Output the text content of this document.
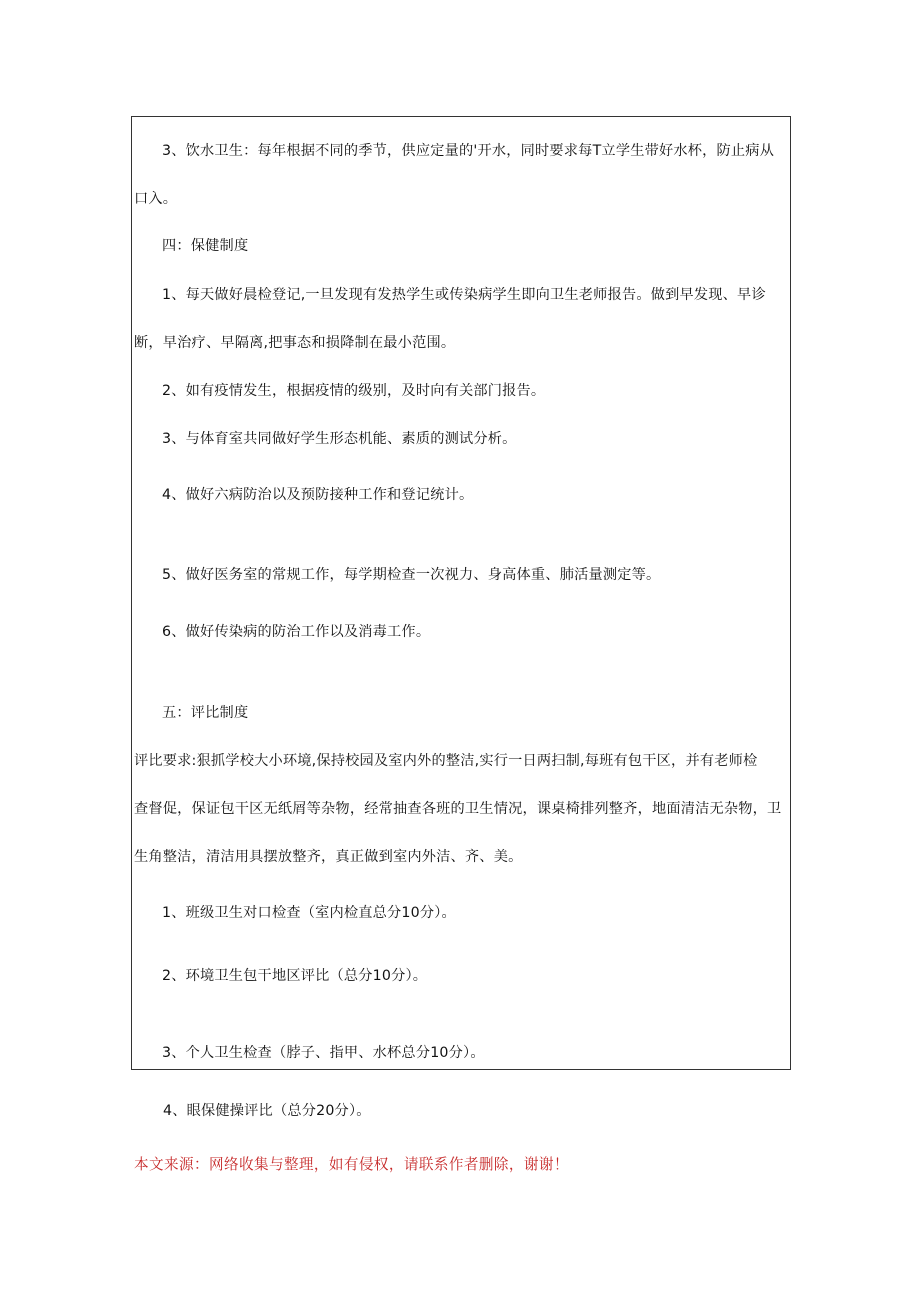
3、饮水卫生：每年根据不同的季节，供应定量的'开水，同时要求每T立学生带好水杯，防止病从
口入。
四：保健制度
1、每天做好晨检登记,一旦发现有发热学生或传染病学生即向卫生老师报告。做到早发现、早诊
断，早治疗、早隔离,把事态和损降制在最小范围。
2、如有疫情发生，根据疫情的级别，及时向有关部门报告。
3、与体育室共同做好学生形态机能、素质的测试分析。
4、做好六病防治以及预防接种工作和登记统计。
5、做好医务室的常规工作，每学期检查一次视力、身高体重、肺活量测定等。
6、做好传染病的防治工作以及消毒工作。
五：评比制度
评比要求:狠抓学校大小环境,保持校园及室内外的整洁,实行一日两扫制,每班有包干区，并有老师检
查督促，保证包干区无纸屑等杂物，经常抽查各班的卫生情况，课桌椅排列整齐，地面清洁无杂物，卫
生角整洁，清洁用具摆放整齐，真正做到室内外洁、齐、美。
1、班级卫生对口检查（室内检直总分10分）。
2、环境卫生包干地区评比（总分10分）。
3、个人卫生检查（脖子、指甲、水杯总分10分）。
4、眼保健操评比（总分20分）。
本文来源：网络收集与整理，如有侵权，请联系作者删除，谢谢！
